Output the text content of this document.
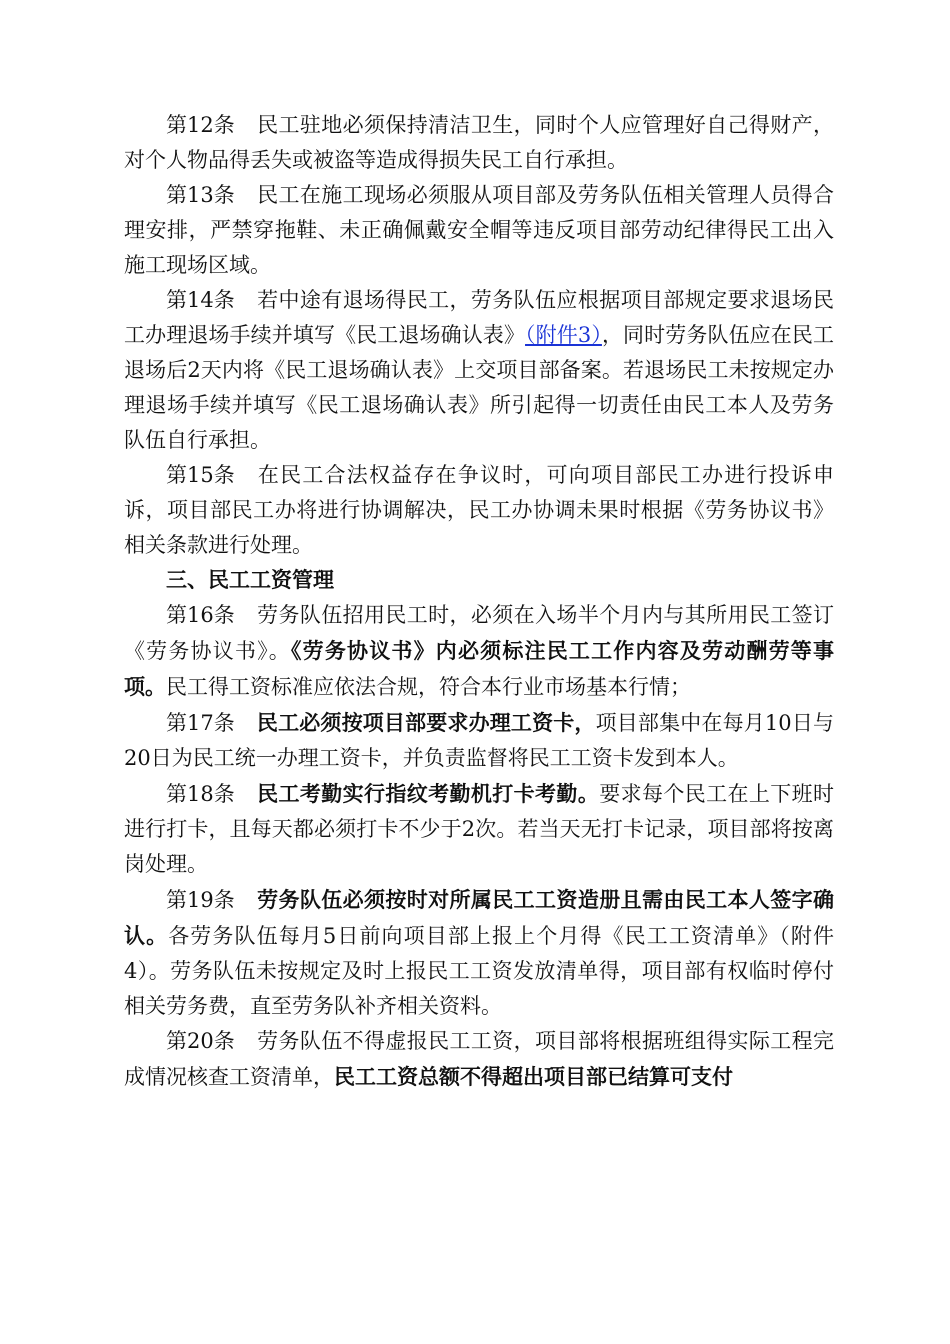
第12条 民工驻地必须保持清洁卫生，同时个人应管理好自己得财产，对个人物品得丢失或被盗等造成得损失民工自行承担。

第13条 民工在施工现场必须服从项目部及劳务队伍相关管理人员得合理安排，严禁穿拖鞋、未正确佩戴安全帽等违反项目部劳动纪律得民工出入施工现场区域。

第14条 若中途有退场得民工，劳务队伍应根据项目部规定要求退场民工办理退场手续并填写《民工退场确认表》（附件3），同时劳务队伍应在民工退场后2天内将《民工退场确认表》上交项目部备案。若退场民工未按规定办理退场手续并填写《民工退场确认表》所引起得一切责任由民工本人及劳务队伍自行承担。

第15条 在民工合法权益存在争议时，可向项目部民工办进行投诉申诉，项目部民工办将进行协调解决，民工办协调未果时根据《劳务协议书》相关条款进行处理。

三、民工工资管理

第16条 劳务队伍招用民工时，必须在入场半个月内与其所用民工签订《劳务协议书》。《劳务协议书》内必须标注民工工作内容及劳动酬劳等事项。民工得工资标准应依法合规，符合本行业市场基本行情；

第17条 民工必须按项目部要求办理工资卡，项目部集中在每月10日与20日为民工统一办理工资卡，并负责监督将民工工资卡发到本人。

第18条 民工考勤实行指纹考勤机打卡考勤。要求每个民工在上下班时进行打卡，且每天都必须打卡不少于2次。若当天无打卡记录，项目部将按离岗处理。

第19条 劳务队伍必须按时对所属民工工资造册且需由民工本人签字确认。各劳务队伍每月5日前向项目部上报上个月得《民工工资清单》（附件4）。劳务队伍未按规定及时上报民工工资发放清单得，项目部有权临时停付相关劳务费，直至劳务队补齐相关资料。

第20条 劳务队伍不得虚报民工工资，项目部将根据班组得实际工程完成情况核查工资清单，民工工资总额不得超出项目部已结算可支付
